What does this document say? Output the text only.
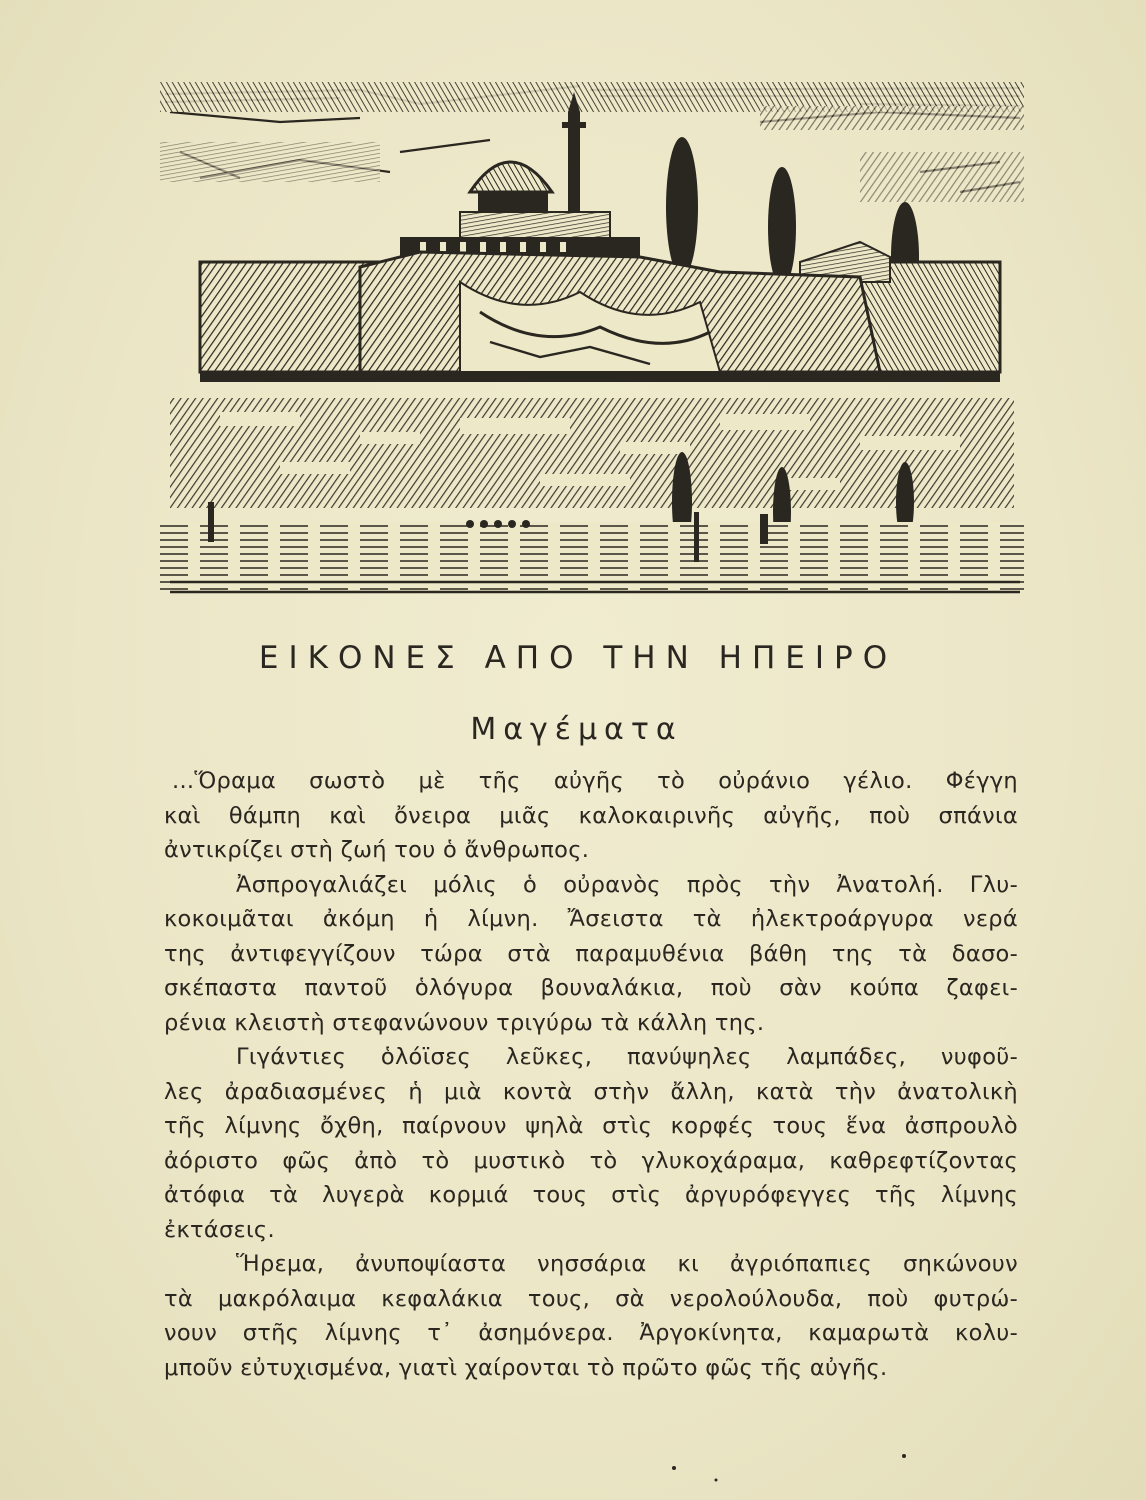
ΕΙΚΟΝΕΣ ΑΠΟ ΤΗΝ ΗΠΕΙΡΟ
Μαγέματα
...Ὅραμα σωστὸ μὲ τῆς αὐγῆς τὸ οὐράνιο γέλιο. Φέγγη
καὶ θάμπη καὶ ὄνειρα μιᾶς καλοκαιρινῆς αὐγῆς, ποὺ σπάνια
ἀντικρίζει στὴ ζωή του ὁ ἄνθρωπος.
Ἀσπρογαλιάζει μόλις ὁ οὐρανὸς πρὸς τὴν Ἀνατολή. Γλυ-
κοκοιμᾶται ἀκόμη ἡ λίμνη. Ἄσειστα τὰ ἠλεκτροάργυρα νερά
της ἀντιφεγγίζουν τώρα στὰ παραμυθένια βάθη της τὰ δασο-
σκέπαστα παντοῦ ὁλόγυρα βουναλάκια, ποὺ σὰν κούπα ζαφει-
ρένια κλειστὴ στεφανώνουν τριγύρω τὰ κάλλη της.
Γιγάντιες ὁλόϊσες λεῦκες, πανύψηλες λαμπάδες, νυφοῦ-
λες ἀραδιασμένες ἡ μιὰ κοντὰ στὴν ἄλλη, κατὰ τὴν ἀνατολικὴ
τῆς λίμνης ὄχθη, παίρνουν ψηλὰ στὶς κορφές τους ἕνα ἀσπρουλὸ
ἀόριστο φῶς ἀπὸ τὸ μυστικὸ τὸ γλυκοχάραμα, καθρεφτίζοντας
ἀτόφια τὰ λυγερὰ κορμιά τους στὶς ἀργυρόφεγγες τῆς λίμνης
ἐκτάσεις.
Ἥρεμα, ἀνυποψίαστα νησσάρια κι ἀγριόπαπιες σηκώνουν
τὰ μακρόλαιμα κεφαλάκια τους, σὰ νερολούλουδα, ποὺ φυτρώ-
νουν στῆς λίμνης τ᾽ ἀσημόνερα. Ἀργοκίνητα, καμαρωτὰ κολυ-
μποῦν εὐτυχισμένα, γιατὶ χαίρονται τὸ πρῶτο φῶς τῆς αὐγῆς.
